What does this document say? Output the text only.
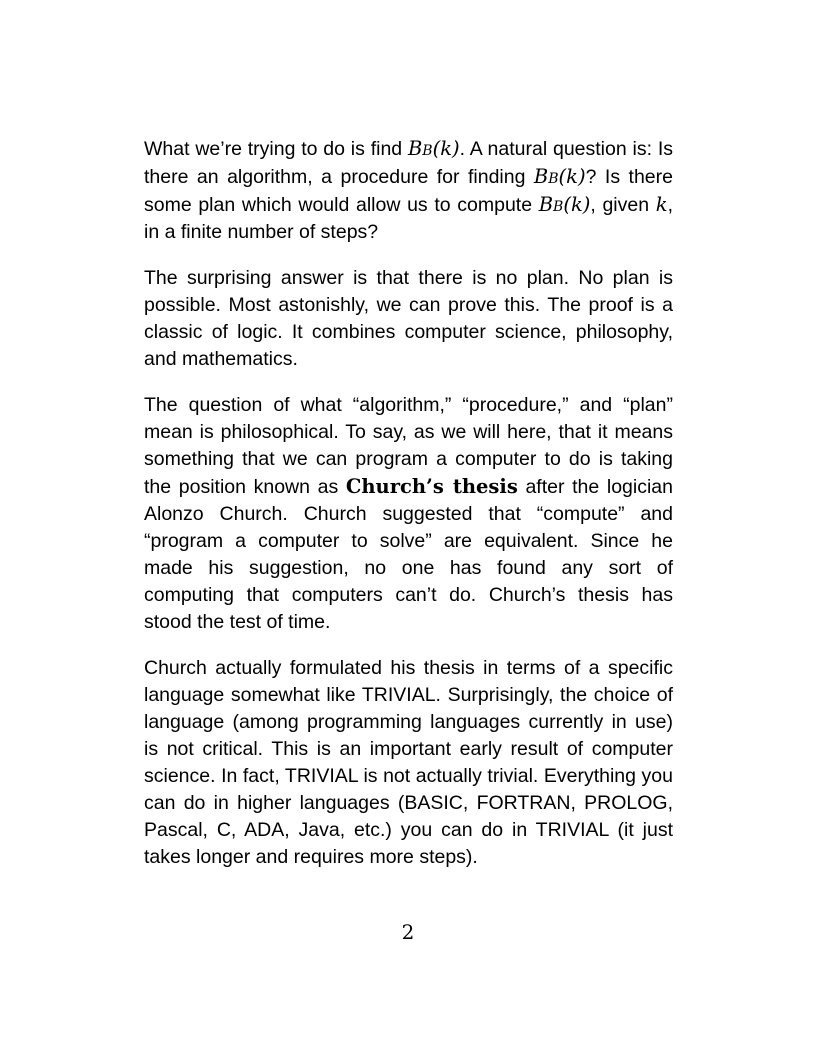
What we’re trying to do is find Bb(k). A natural question is: Is there an algorithm, a procedure for finding Bb(k)? Is there some plan which would allow us to compute Bb(k), given k, in a finite number of steps?

The surprising answer is that there is no plan. No plan is possible. Most astonishly, we can prove this. The proof is a classic of logic. It combines computer science, philosophy, and mathematics.

The question of what “algorithm,” “procedure,” and “plan” mean is philosophical. To say, as we will here, that it means something that we can program a computer to do is taking the position known as Church’s thesis after the logician Alonzo Church. Church suggested that “compute” and “program a computer to solve” are equivalent. Since he made his suggestion, no one has found any sort of computing that computers can’t do. Church’s thesis has stood the test of time.

Church actually formulated his thesis in terms of a specific language somewhat like TRIVIAL. Surprisingly, the choice of language (among programming languages currently in use) is not critical. This is an important early result of computer science. In fact, TRIVIAL is not actually trivial. Everything you can do in higher languages (BASIC, FORTRAN, PROLOG, Pascal, C, ADA, Java, etc.) you can do in TRIVIAL (it just takes longer and requires more steps).

2
